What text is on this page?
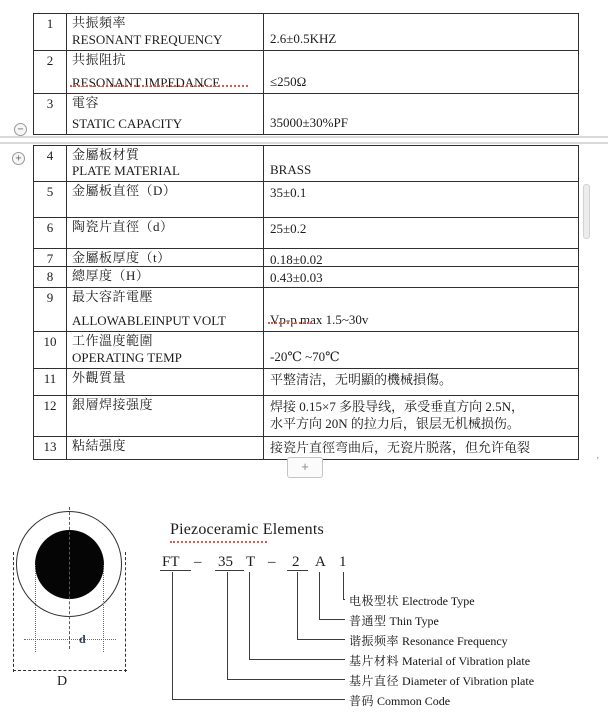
1	共振頻率
RESONANT FREQUENCY	2.6±0.5KHZ
2	共振阻抗
RESONANT IMPEDANCE	≤250Ω
3	電容
STATIC CAPACITY	35000±30%PF
−
+	4	金屬板材質
PLATE MATERIAL	BRASS
5	金屬板直徑（D）	35±0.1
6	陶瓷片直徑（d）	25±0.2
7	金屬板厚度（t）	0.18±0.02
8	總厚度（H）	0.43±0.03
9	最大容許電壓
ALLOWABLEINPUT VOLT	Vp-p max 1.5~30v
10	工作溫度範圍
OPERATING TEMP	-20℃ ~70℃
11	外觀質量	平整清洁，无明顯的機械損傷。
12	銀層焊接强度	焊接 0.15×7 多股导线，承受垂直方向 2.5N，
水平方向 20N 的拉力后，银层无机械损伤。
13	粘結强度	接瓷片直徑弯曲后，无瓷片脱落，但允许龟裂
+	’
d
D
Piezoceramic Elements
FT – 35 T – 2 A 1
电极型状 Electrode Type
普通型 Thin Type
谐振频率 Resonance Frequency
基片材料 Material of Vibration plate
基片直径 Diameter of Vibration plate
普码 Common Code
